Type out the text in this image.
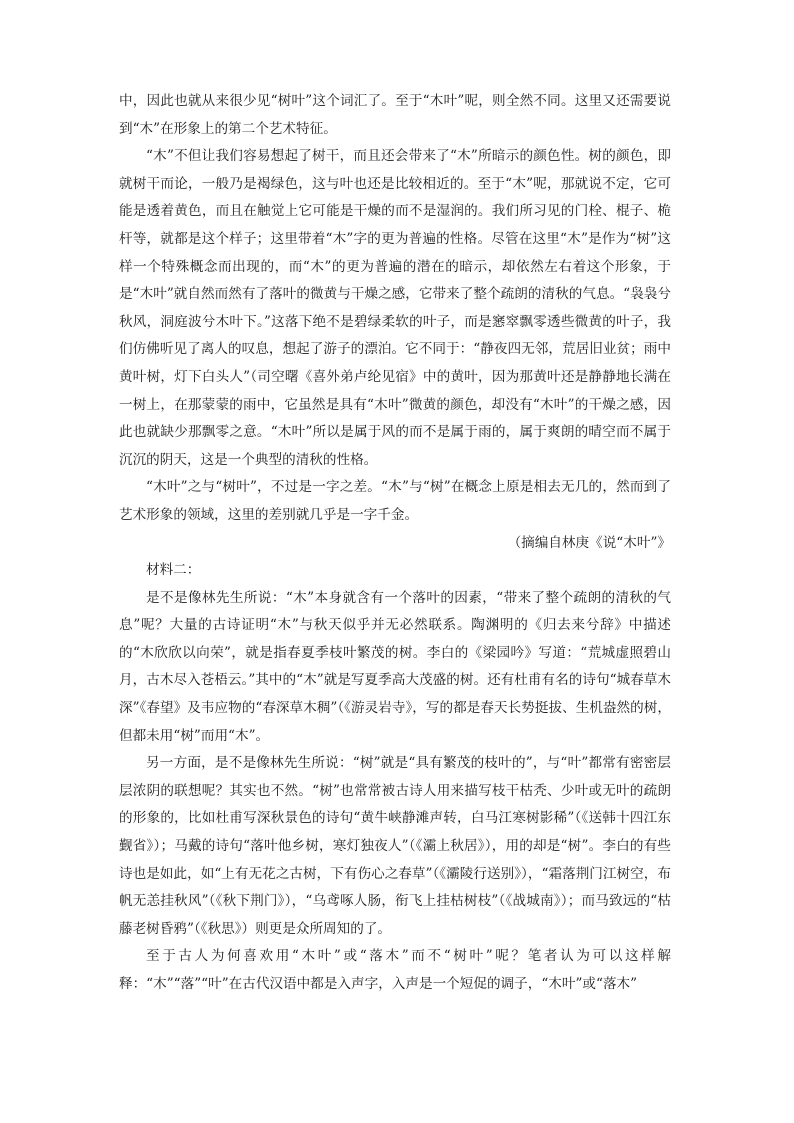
中，因此也就从来很少见“树叶”这个词汇了。至于“木叶”呢，则全然不同。这里又还需要说到“木”在形象上的第二个艺术特征。

“木”不但让我们容易想起了树干，而且还会带来了“木”所暗示的颜色性。树的颜色，即就树干而论，一般乃是褐绿色，这与叶也还是比较相近的。至于“木”呢，那就说不定，它可能是透着黄色，而且在触觉上它可能是干燥的而不是湿润的。我们所习见的门栓、棍子、桅杆等，就都是这个样子；这里带着“木”字的更为普遍的性格。尽管在这里“木”是作为“树”这样一个特殊概念而出现的，而“木”的更为普遍的潜在的暗示，却依然左右着这个形象，于是“木叶”就自然而然有了落叶的微黄与干燥之感，它带来了整个疏朗的清秋的气息。“袅袅兮秋风，洞庭波兮木叶下。”这落下绝不是碧绿柔软的叶子，而是窸窣飘零透些微黄的叶子，我们仿佛听见了离人的叹息，想起了游子的漂泊。它不同于：“静夜四无邻，荒居旧业贫；雨中黄叶树，灯下白头人”（司空曙《喜外弟卢纶见宿》中的黄叶，因为那黄叶还是静静地长满在一树上，在那蒙蒙的雨中，它虽然是具有“木叶”微黄的颜色，却没有“木叶”的干燥之感，因此也就缺少那飘零之意。“木叶”所以是属于风的而不是属于雨的，属于爽朗的晴空而不属于沉沉的阴天，这是一个典型的清秋的性格。

“木叶”之与“树叶”，不过是一字之差。“木”与“树”在概念上原是相去无几的，然而到了艺术形象的领域，这里的差别就几乎是一字千金。

（摘编自林庚《说“木叶”》

材料二：

是不是像林先生所说：“木”本身就含有一个落叶的因素，“带来了整个疏朗的清秋的气息”呢？大量的古诗证明“木”与秋天似乎并无必然联系。陶渊明的《归去来兮辞》中描述的“木欣欣以向荣”，就是指春夏季枝叶繁茂的树。李白的《梁园吟》写道：“荒城虚照碧山月，古木尽入苍梧云。”其中的“木”就是写夏季高大茂盛的树。还有杜甫有名的诗句“城春草木深”《春望》及韦应物的“春深草木稠”（《游灵岩寺》，写的都是春天长势挺拔、生机盎然的树，但都未用“树”而用“木”。

另一方面，是不是像林先生所说：“树”就是“具有繁茂的枝叶的”，与“叶”都常有密密层层浓阴的联想呢？其实也不然。“树”也常常被古诗人用来描写枝干枯秃、少叶或无叶的疏朗的形象的，比如杜甫写深秋景色的诗句“黄牛峡静滩声转，白马江寒树影稀”（《送韩十四江东觐省》）；马戴的诗句“落叶他乡树，寒灯独夜人”（《灞上秋居》），用的却是“树”。李白的有些诗也是如此，如“上有无花之古树，下有伤心之春草”（《灞陵行送别》），“霜落荆门江树空，布帆无恙挂秋风”（《秋下荆门》），“乌鸢啄人肠，衔飞上挂枯树枝”（《战城南》）；而马致远的“枯藤老树昏鸦”（《秋思》）则更是众所周知的了。

至于古人为何喜欢用“木叶”或“落木”而不“树叶”呢？笔者认为可以这样解释：“木”“落”“叶”在古代汉语中都是入声字，入声是一个短促的调子，“木叶”或“落木”
